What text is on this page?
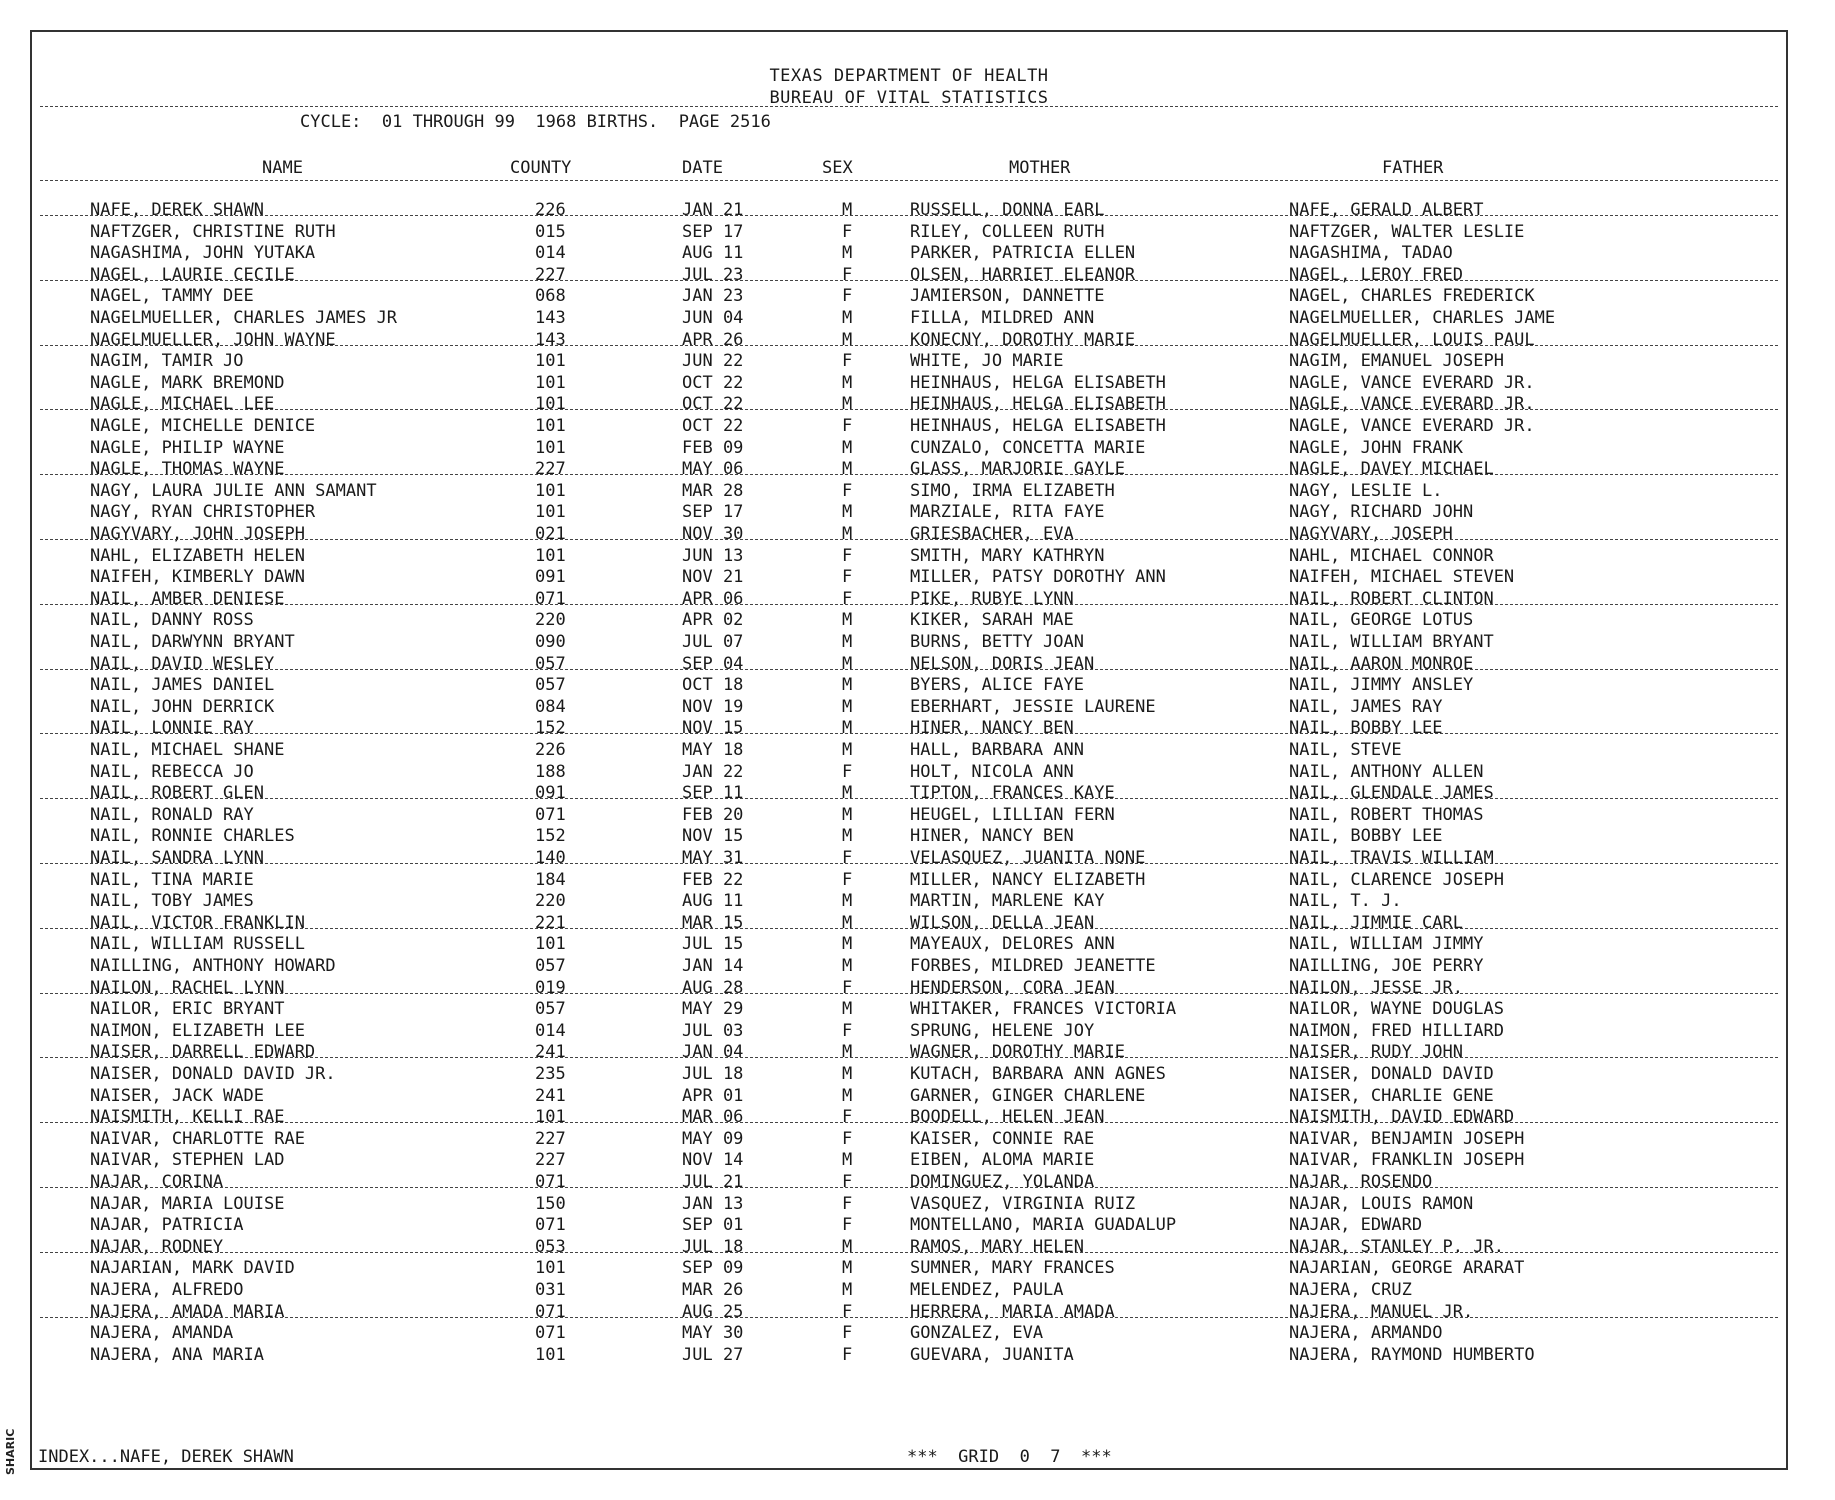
SHARIC
TEXAS DEPARTMENT OF HEALTH
BUREAU OF VITAL STATISTICS
CYCLE:  01 THROUGH 99  1968 BIRTHS.  PAGE 2516
NAME	COUNTY	DATE	SEX	MOTHER	FATHER
NAFE, DEREK SHAWN	226	JAN 21	M	RUSSELL, DONNA EARL	NAFE, GERALD ALBERT
NAFTZGER, CHRISTINE RUTH	015	SEP 17	F	RILEY, COLLEEN RUTH	NAFTZGER, WALTER LESLIE
NAGASHIMA, JOHN YUTAKA	014	AUG 11	M	PARKER, PATRICIA ELLEN	NAGASHIMA, TADAO
NAGEL, LAURIE CECILE	227	JUL 23	F	OLSEN, HARRIET ELEANOR	NAGEL, LEROY FRED
NAGEL, TAMMY DEE	068	JAN 23	F	JAMIERSON, DANNETTE	NAGEL, CHARLES FREDERICK
NAGELMUELLER, CHARLES JAMES JR	143	JUN 04	M	FILLA, MILDRED ANN	NAGELMUELLER, CHARLES JAME
NAGELMUELLER, JOHN WAYNE	143	APR 26	M	KONECNY, DOROTHY MARIE	NAGELMUELLER, LOUIS PAUL
NAGIM, TAMIR JO	101	JUN 22	F	WHITE, JO MARIE	NAGIM, EMANUEL JOSEPH
NAGLE, MARK BREMOND	101	OCT 22	M	HEINHAUS, HELGA ELISABETH	NAGLE, VANCE EVERARD JR.
NAGLE, MICHAEL LEE	101	OCT 22	M	HEINHAUS, HELGA ELISABETH	NAGLE, VANCE EVERARD JR.
NAGLE, MICHELLE DENICE	101	OCT 22	F	HEINHAUS, HELGA ELISABETH	NAGLE, VANCE EVERARD JR.
NAGLE, PHILIP WAYNE	101	FEB 09	M	CUNZALO, CONCETTA MARIE	NAGLE, JOHN FRANK
NAGLE, THOMAS WAYNE	227	MAY 06	M	GLASS, MARJORIE GAYLE	NAGLE, DAVEY MICHAEL
NAGY, LAURA JULIE ANN SAMANT	101	MAR 28	F	SIMO, IRMA ELIZABETH	NAGY, LESLIE L.
NAGY, RYAN CHRISTOPHER	101	SEP 17	M	MARZIALE, RITA FAYE	NAGY, RICHARD JOHN
NAGYVARY, JOHN JOSEPH	021	NOV 30	M	GRIESBACHER, EVA	NAGYVARY, JOSEPH
NAHL, ELIZABETH HELEN	101	JUN 13	F	SMITH, MARY KATHRYN	NAHL, MICHAEL CONNOR
NAIFEH, KIMBERLY DAWN	091	NOV 21	F	MILLER, PATSY DOROTHY ANN	NAIFEH, MICHAEL STEVEN
NAIL, AMBER DENIESE	071	APR 06	F	PIKE, RUBYE LYNN	NAIL, ROBERT CLINTON
NAIL, DANNY ROSS	220	APR 02	M	KIKER, SARAH MAE	NAIL, GEORGE LOTUS
NAIL, DARWYNN BRYANT	090	JUL 07	M	BURNS, BETTY JOAN	NAIL, WILLIAM BRYANT
NAIL, DAVID WESLEY	057	SEP 04	M	NELSON, DORIS JEAN	NAIL, AARON MONROE
NAIL, JAMES DANIEL	057	OCT 18	M	BYERS, ALICE FAYE	NAIL, JIMMY ANSLEY
NAIL, JOHN DERRICK	084	NOV 19	M	EBERHART, JESSIE LAURENE	NAIL, JAMES RAY
NAIL, LONNIE RAY	152	NOV 15	M	HINER, NANCY BEN	NAIL, BOBBY LEE
NAIL, MICHAEL SHANE	226	MAY 18	M	HALL, BARBARA ANN	NAIL, STEVE
NAIL, REBECCA JO	188	JAN 22	F	HOLT, NICOLA ANN	NAIL, ANTHONY ALLEN
NAIL, ROBERT GLEN	091	SEP 11	M	TIPTON, FRANCES KAYE	NAIL, GLENDALE JAMES
NAIL, RONALD RAY	071	FEB 20	M	HEUGEL, LILLIAN FERN	NAIL, ROBERT THOMAS
NAIL, RONNIE CHARLES	152	NOV 15	M	HINER, NANCY BEN	NAIL, BOBBY LEE
NAIL, SANDRA LYNN	140	MAY 31	F	VELASQUEZ, JUANITA NONE	NAIL, TRAVIS WILLIAM
NAIL, TINA MARIE	184	FEB 22	F	MILLER, NANCY ELIZABETH	NAIL, CLARENCE JOSEPH
NAIL, TOBY JAMES	220	AUG 11	M	MARTIN, MARLENE KAY	NAIL, T. J.
NAIL, VICTOR FRANKLIN	221	MAR 15	M	WILSON, DELLA JEAN	NAIL, JIMMIE CARL
NAIL, WILLIAM RUSSELL	101	JUL 15	M	MAYEAUX, DELORES ANN	NAIL, WILLIAM JIMMY
NAILLING, ANTHONY HOWARD	057	JAN 14	M	FORBES, MILDRED JEANETTE	NAILLING, JOE PERRY
NAILON, RACHEL LYNN	019	AUG 28	F	HENDERSON, CORA JEAN	NAILON, JESSE JR.
NAILOR, ERIC BRYANT	057	MAY 29	M	WHITAKER, FRANCES VICTORIA	NAILOR, WAYNE DOUGLAS
NAIMON, ELIZABETH LEE	014	JUL 03	F	SPRUNG, HELENE JOY	NAIMON, FRED HILLIARD
NAISER, DARRELL EDWARD	241	JAN 04	M	WAGNER, DOROTHY MARIE	NAISER, RUDY JOHN
NAISER, DONALD DAVID JR.	235	JUL 18	M	KUTACH, BARBARA ANN AGNES	NAISER, DONALD DAVID
NAISER, JACK WADE	241	APR 01	M	GARNER, GINGER CHARLENE	NAISER, CHARLIE GENE
NAISMITH, KELLI RAE	101	MAR 06	F	BOODELL, HELEN JEAN	NAISMITH, DAVID EDWARD
NAIVAR, CHARLOTTE RAE	227	MAY 09	F	KAISER, CONNIE RAE	NAIVAR, BENJAMIN JOSEPH
NAIVAR, STEPHEN LAD	227	NOV 14	M	EIBEN, ALOMA MARIE	NAIVAR, FRANKLIN JOSEPH
NAJAR, CORINA	071	JUL 21	F	DOMINGUEZ, YOLANDA	NAJAR, ROSENDO
NAJAR, MARIA LOUISE	150	JAN 13	F	VASQUEZ, VIRGINIA RUIZ	NAJAR, LOUIS RAMON
NAJAR, PATRICIA	071	SEP 01	F	MONTELLANO, MARIA GUADALUP	NAJAR, EDWARD
NAJAR, RODNEY	053	JUL 18	M	RAMOS, MARY HELEN	NAJAR, STANLEY P. JR.
NAJARIAN, MARK DAVID	101	SEP 09	M	SUMNER, MARY FRANCES	NAJARIAN, GEORGE ARARAT
NAJERA, ALFREDO	031	MAR 26	M	MELENDEZ, PAULA	NAJERA, CRUZ
NAJERA, AMADA MARIA	071	AUG 25	F	HERRERA, MARIA AMADA	NAJERA, MANUEL JR.
NAJERA, AMANDA	071	MAY 30	F	GONZALEZ, EVA	NAJERA, ARMANDO
NAJERA, ANA MARIA	101	JUL 27	F	GUEVARA, JUANITA	NAJERA, RAYMOND HUMBERTO
INDEX...NAFE, DEREK SHAWN	***  GRID  0  7  ***
